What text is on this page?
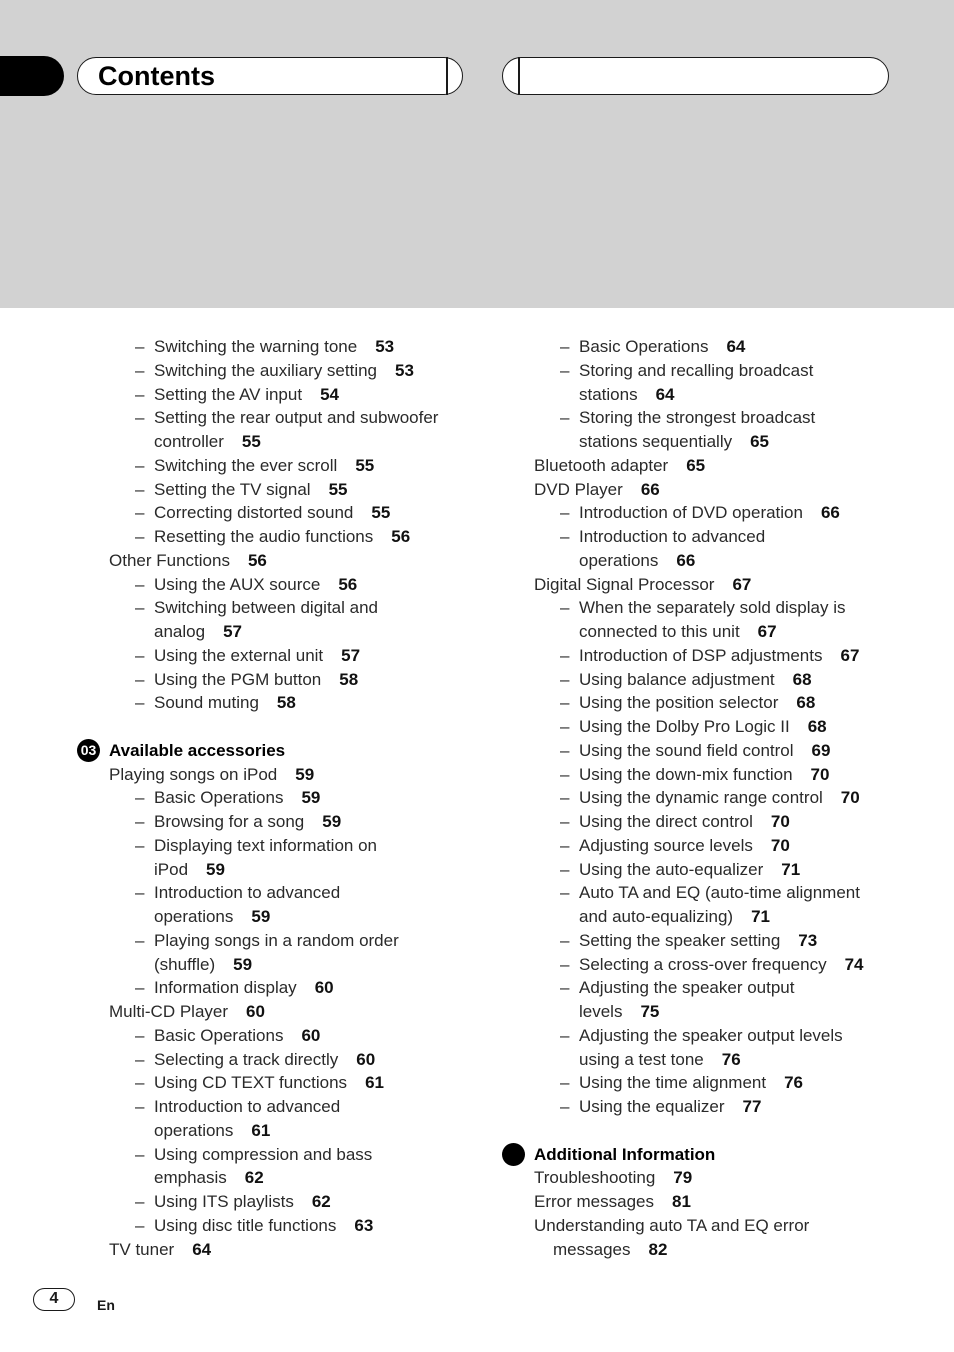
Contents
– Switching the warning tone 53
– Switching the auxiliary setting 53
– Setting the AV input 54
– Setting the rear output and subwoofer
controller 55
– Switching the ever scroll 55
– Setting the TV signal 55
– Correcting distorted sound 55
– Resetting the audio functions 56
Other Functions 56
– Using the AUX source 56
– Switching between digital and
analog 57
– Using the external unit 57
– Using the PGM button 58
– Sound muting 58
03 Available accessories
Playing songs on iPod 59
– Basic Operations 59
– Browsing for a song 59
– Displaying text information on
iPod 59
– Introduction to advanced
operations 59
– Playing songs in a random order
(shuffle) 59
– Information display 60
Multi-CD Player 60
– Basic Operations 60
– Selecting a track directly 60
– Using CD TEXT functions 61
– Introduction to advanced
operations 61
– Using compression and bass
emphasis 62
– Using ITS playlists 62
– Using disc title functions 63
TV tuner 64
– Basic Operations 64
– Storing and recalling broadcast
stations 64
– Storing the strongest broadcast
stations sequentially 65
Bluetooth adapter 65
DVD Player 66
– Introduction of DVD operation 66
– Introduction to advanced
operations 66
Digital Signal Processor 67
– When the separately sold display is
connected to this unit 67
– Introduction of DSP adjustments 67
– Using balance adjustment 68
– Using the position selector 68
– Using the Dolby Pro Logic II 68
– Using the sound field control 69
– Using the down-mix function 70
– Using the dynamic range control 70
– Using the direct control 70
– Adjusting source levels 70
– Using the auto-equalizer 71
– Auto TA and EQ (auto-time alignment
and auto-equalizing) 71
– Setting the speaker setting 73
– Selecting a cross-over frequency 74
– Adjusting the speaker output
levels 75
– Adjusting the speaker output levels
using a test tone 76
– Using the time alignment 76
– Using the equalizer 77
Additional Information
Troubleshooting 79
Error messages 81
Understanding auto TA and EQ error
messages 82
4	En
